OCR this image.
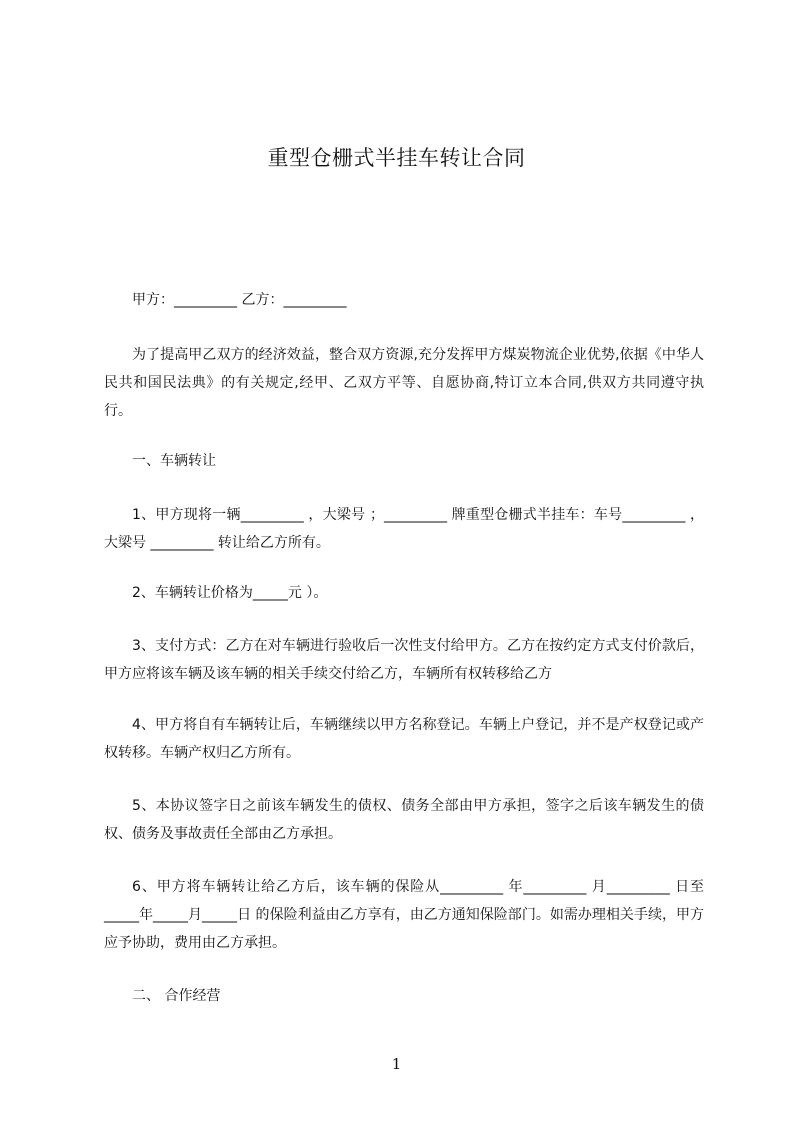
重型仓栅式半挂车转让合同
甲方：_________ 乙方：_________
为了提高甲乙双方的经济效益，整合双方资源,充分发挥甲方煤炭物流企业优势,依据《中华人民共和国民法典》的有关规定,经甲、乙双方平等、自愿协商,特订立本合同,供双方共同遵守执行。
一、车辆转让
1、甲方现将一辆_________ ，大梁号 ；_________ 牌重型仓栅式半挂车：车号_________ ，大梁号 _________ 转让给乙方所有。
2、车辆转让价格为_____元 ）。
3、支付方式：乙方在对车辆进行验收后一次性支付给甲方。乙方在按约定方式支付价款后，甲方应将该车辆及该车辆的相关手续交付给乙方，车辆所有权转移给乙方
4、甲方将自有车辆转让后，车辆继续以甲方名称登记。车辆上户登记，并不是产权登记或产权转移。车辆产权归乙方所有。
5、本协议签字日之前该车辆发生的债权、债务全部由甲方承担，签字之后该车辆发生的债权、债务及事故责任全部由乙方承担。
6、甲方将车辆转让给乙方后，该车辆的保险从_________ 年_________ 月_________ 日至 _____年_____月_____日 的保险利益由乙方享有，由乙方通知保险部门。如需办理相关手续，甲方应予协助，费用由乙方承担。
二、 合作经营
1
